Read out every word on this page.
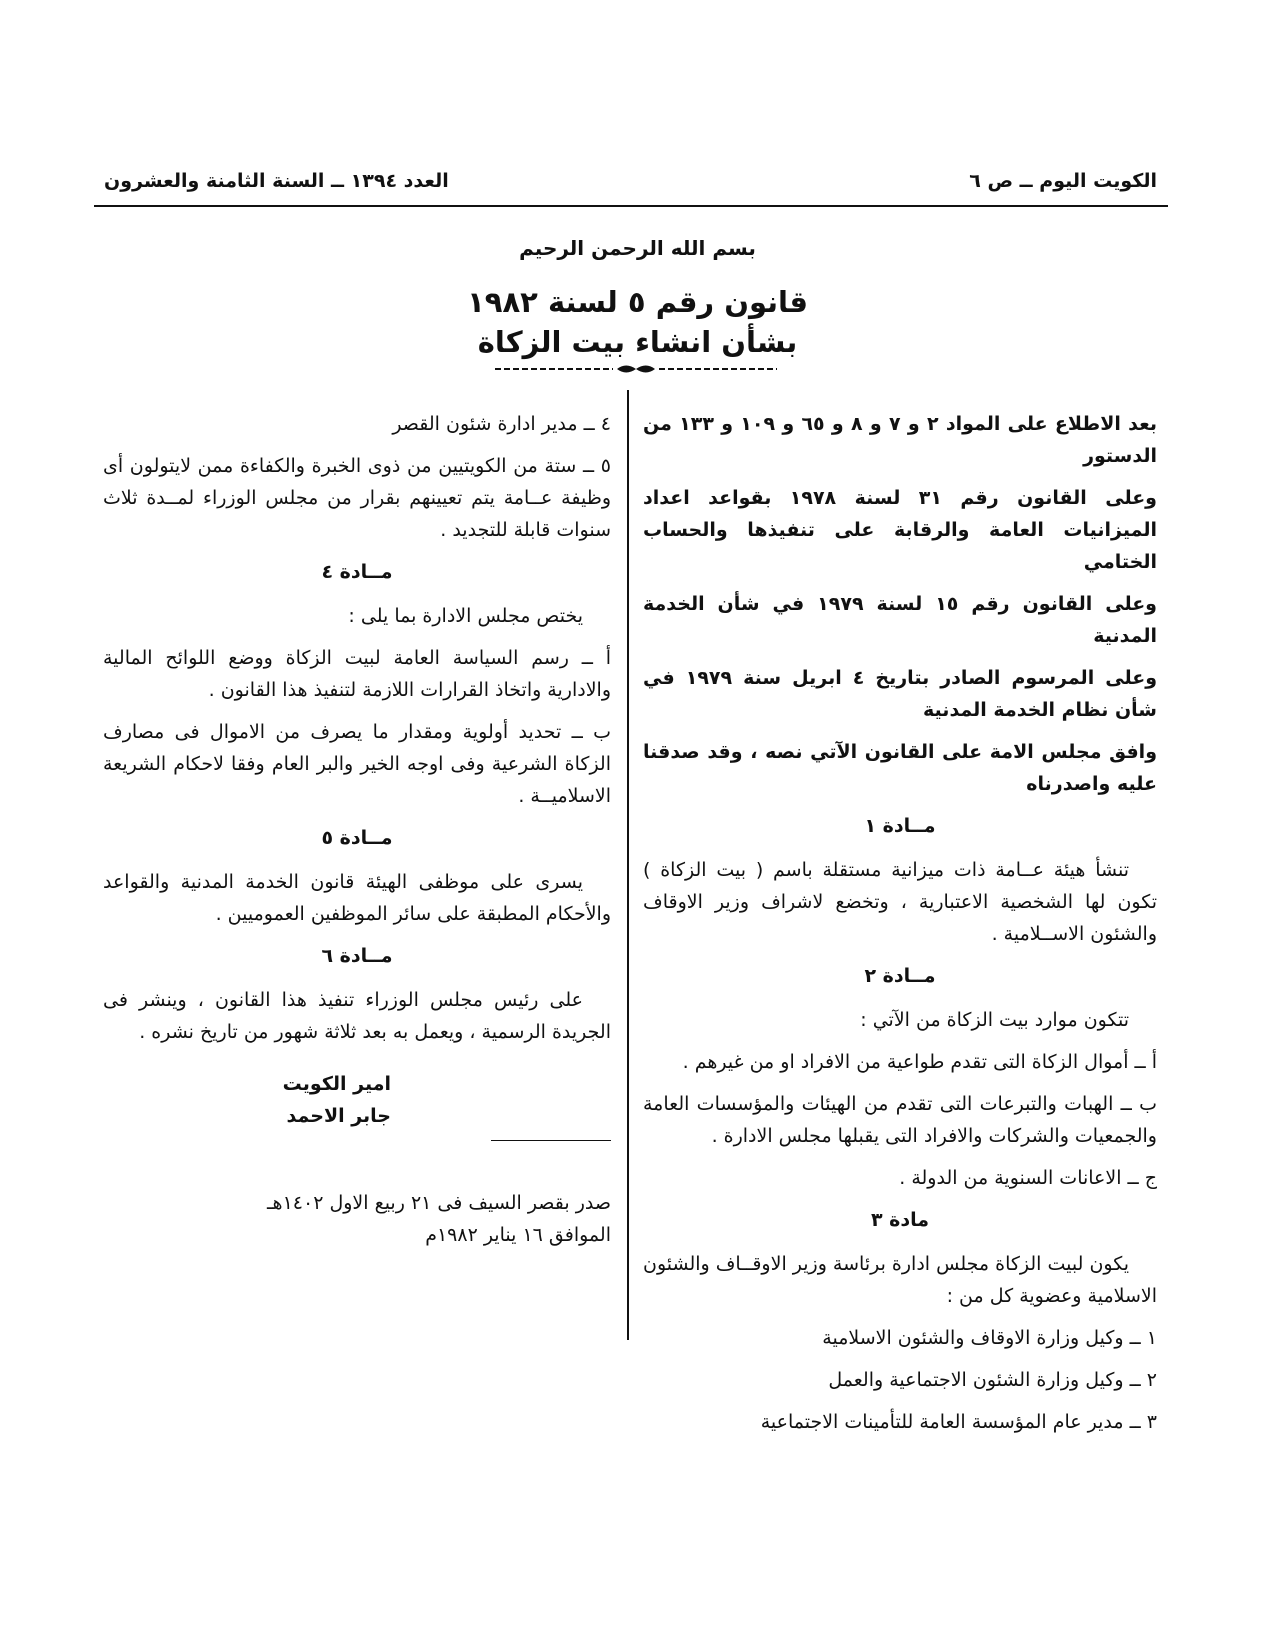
الكويت اليوم ــ ص ٦
العدد ١٣٩٤ ــ السنة الثامنة والعشرون
بسم الله الرحمن الرحيم
قانون رقم ٥ لسنة ١٩٨٢
بشأن انشاء بيت الزكاة

بعد الاطلاع على المواد ٢ و ٧ و ٨ و ٦٥ و ١٠٩ و ١٣٣ من الدستور

وعلى القانون رقم ٣١ لسنة ١٩٧٨ بقواعد اعداد الميزانيات العامة والرقابة على تنفيذها والحساب الختامي

وعلى القانون رقم ١٥ لسنة ١٩٧٩ في شأن الخدمة المدنية

وعلى المرسوم الصادر بتاريخ ٤ ابريل سنة ١٩٧٩ في شأن نظام الخدمة المدنية

وافق مجلس الامة على القانون الآتي نصه ، وقد صدقنا عليه واصدرناه

مــادة ١

تنشأ هيئة عــامة ذات ميزانية مستقلة باسم ( بيت الزكاة ) تكون لها الشخصية الاعتبارية ، وتخضع لاشراف وزير الاوقاف والشئون الاســلامية .

مــادة ٢

تتكون موارد بيت الزكاة من الآتي :

أ ــ أموال الزكاة التى تقدم طواعية من الافراد او من غيرهم .

ب ــ الهبات والتبرعات التى تقدم من الهيئات والمؤسسات العامة والجمعيات والشركات والافراد التى يقبلها مجلس الادارة .

ج ــ الاعانات السنوية من الدولة .

مادة ٣

يكون لبيت الزكاة مجلس ادارة برئاسة وزير الاوقــاف والشئون الاسلامية وعضوية كل من :

١ ــ وكيل وزارة الاوقاف والشئون الاسلامية

٢ ــ وكيل وزارة الشئون الاجتماعية والعمل

٣ ــ مدير عام المؤسسة العامة للتأمينات الاجتماعية

٤ ــ مدير ادارة شئون القصر

٥ ــ ستة من الكويتيين من ذوى الخبرة والكفاءة ممن لايتولون أى وظيفة عــامة يتم تعيينهم بقرار من مجلس الوزراء لمــدة ثلاث سنوات قابلة للتجديد .

مــادة ٤

يختص مجلس الادارة بما يلى :

أ ــ رسم السياسة العامة لبيت الزكاة ووضع اللوائح المالية والادارية واتخاذ القرارات اللازمة لتنفيذ هذا القانون .

ب ــ تحديد أولوية ومقدار ما يصرف من الاموال فى مصارف الزكاة الشرعية وفى اوجه الخير والبر العام وفقا لاحكام الشريعة الاسلاميــة .

مــادة ٥

يسرى على موظفى الهيئة قانون الخدمة المدنية والقواعد والأحكام المطبقة على سائر الموظفين العموميين .

مــادة ٦

على رئيس مجلس الوزراء تنفيذ هذا القانون ، وينشر فى الجريدة الرسمية ، ويعمل به بعد ثلاثة شهور من تاريخ نشره .

امير الكويت
جابر الاحمد
صدر بقصر السيف فى ٢١ ربيع الاول ١٤٠٢هـ
الموافق ١٦ يناير ١٩٨٢م
